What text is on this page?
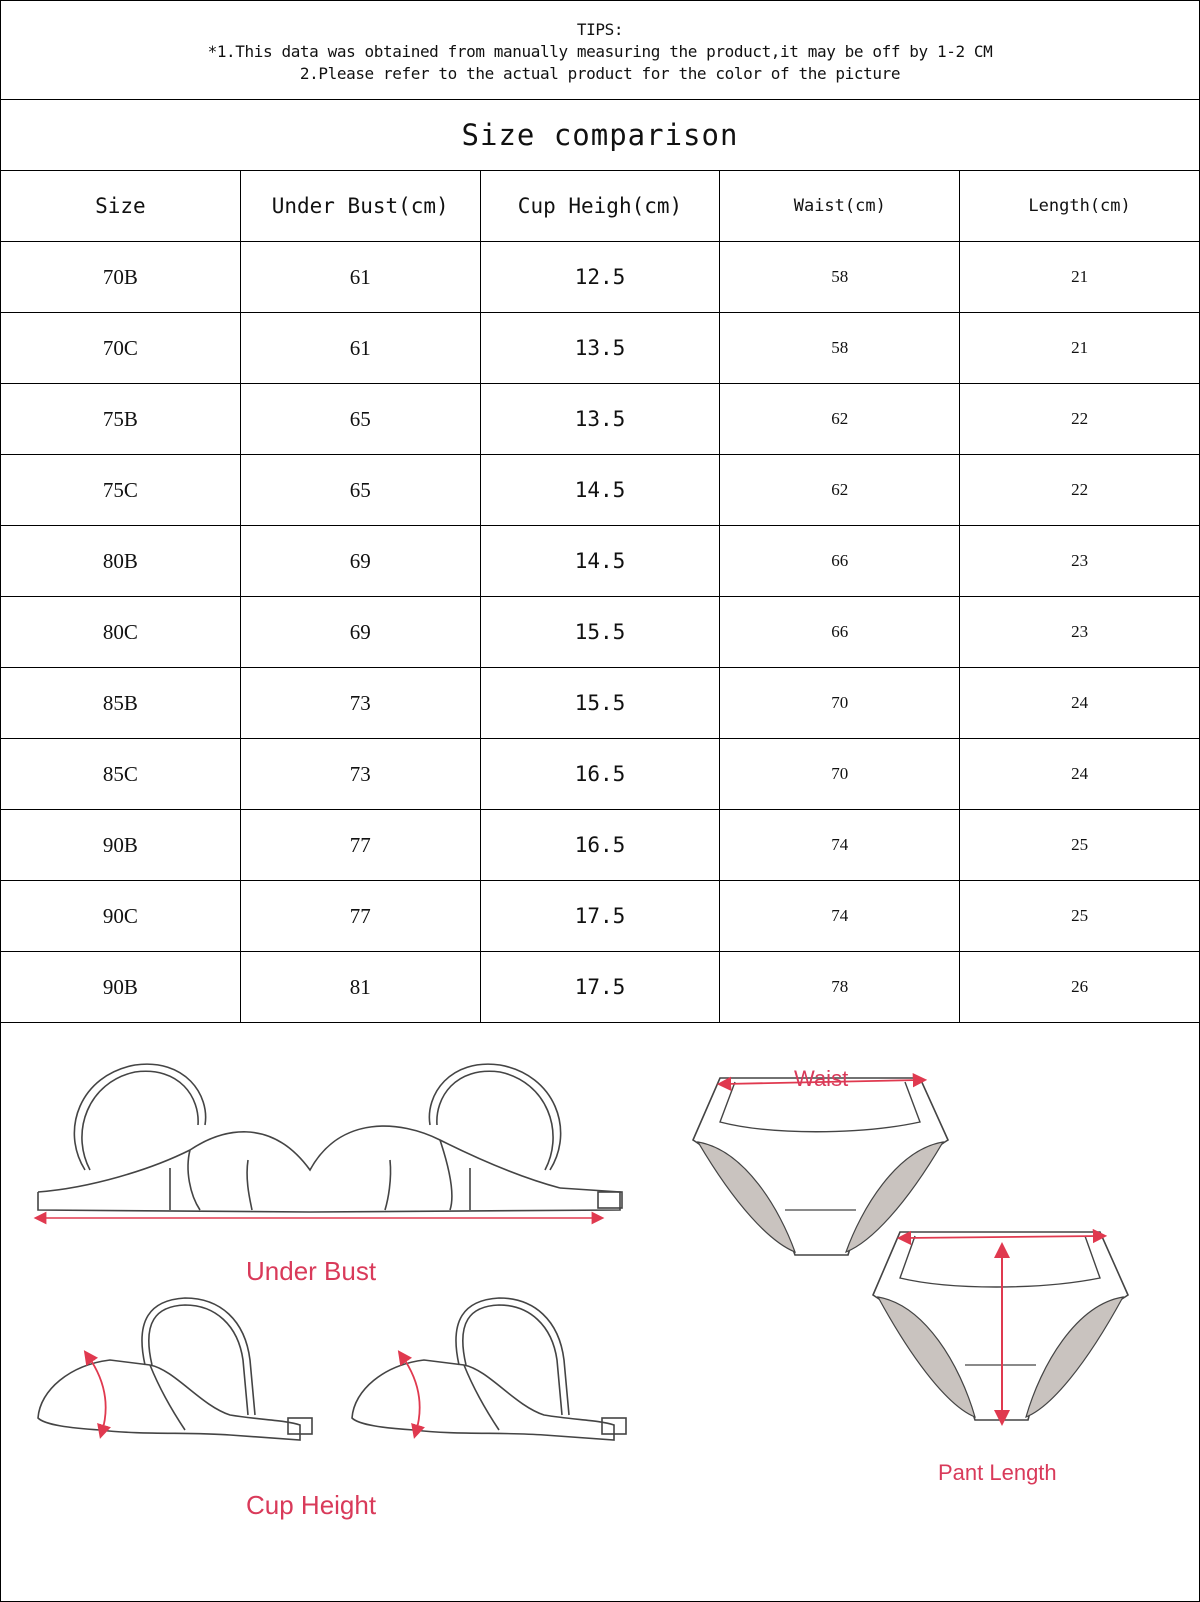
TIPS:
*1.This data was obtained from manually measuring the product,it may be off by 1-2 CM
2.Please refer to the actual product for the color of the picture
Size comparison
Size	Under Bust(cm)	Cup Heigh(cm)	Waist(cm)	Length(cm)
70B	61	12.5	58	21
70C	61	13.5	58	21
75B	65	13.5	62	22
75C	65	14.5	62	22
80B	69	14.5	66	23
80C	69	15.5	66	23
85B	73	15.5	70	24
85C	73	16.5	70	24
90B	77	16.5	74	25
90C	77	17.5	74	25
90B	81	17.5	78	26
Under Bust
Cup Height
Waist
Pant Length
